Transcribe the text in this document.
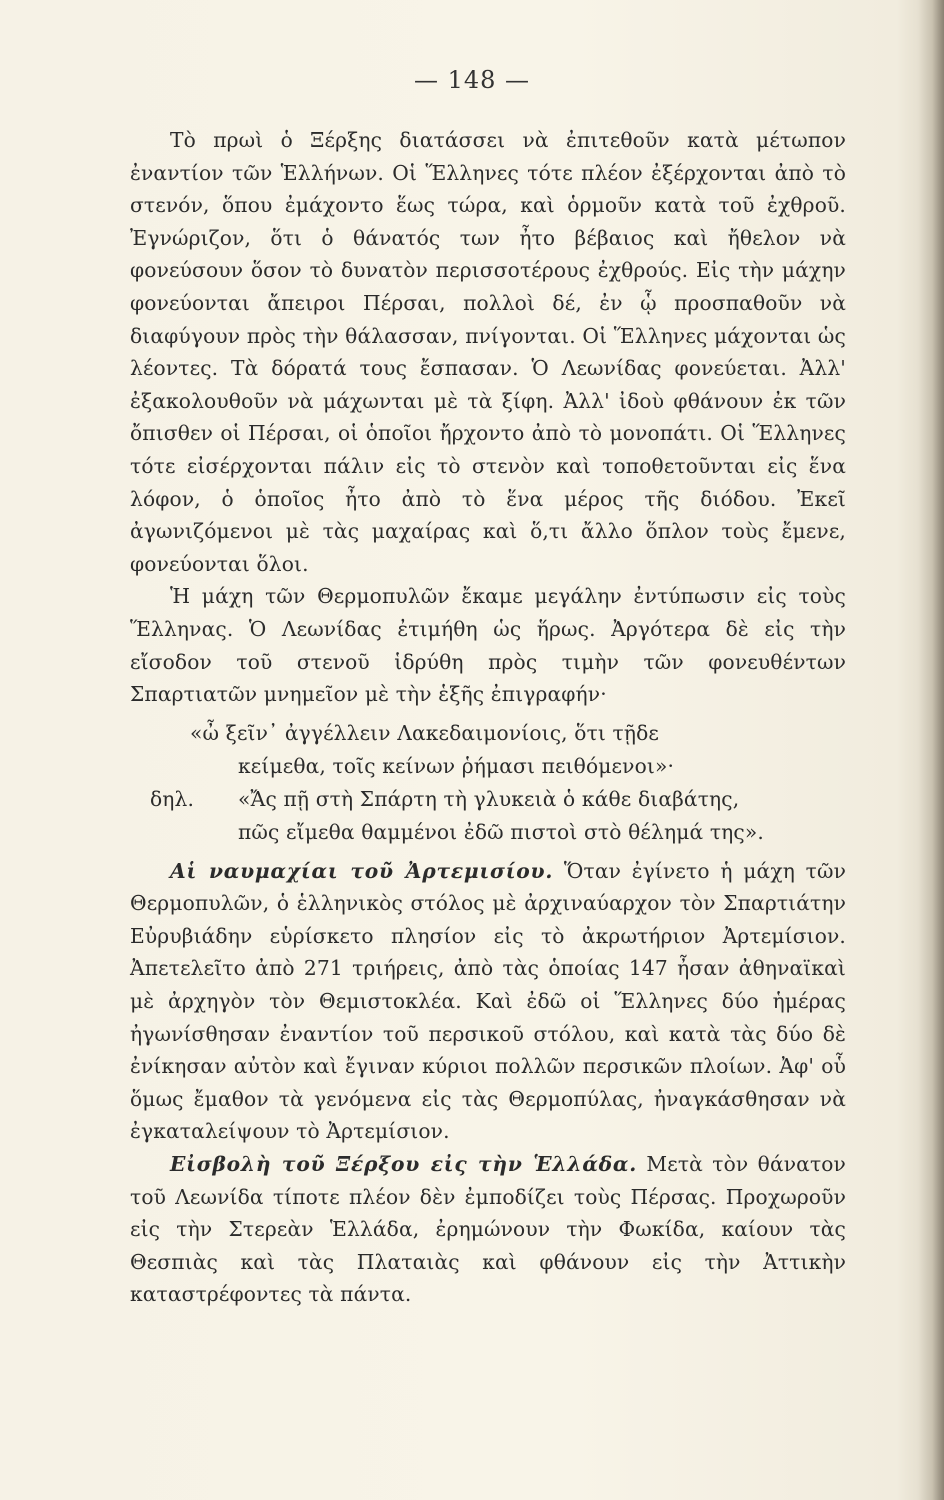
— 148 —

Τὸ πρωὶ ὁ Ξέρξης διατάσσει νὰ ἐπιτεθοῦν κατὰ μέτωπον ἐναντίον τῶν Ἑλλήνων. Οἱ Ἕλληνες τότε πλέον ἐξέρχονται ἀπὸ τὸ στενόν, ὅπου ἐμάχοντο ἕως τώρα, καὶ ὁρμοῦν κατὰ τοῦ ἐχθροῦ. Ἐγνώριζον, ὅτι ὁ θάνατός των ἦτο βέβαιος καὶ ἤθελον νὰ φονεύσουν ὅσον τὸ δυνατὸν περισσοτέρους ἐχθρούς. Εἰς τὴν μάχην φονεύονται ἄπειροι Πέρσαι, πολλοὶ δέ, ἐν ᾧ προσπαθοῦν νὰ διαφύγουν πρὸς τὴν θάλασσαν, πνίγονται. Οἱ Ἕλληνες μάχονται ὡς λέοντες. Τὰ δόρατά τους ἔσπασαν. Ὁ Λεωνίδας φονεύεται. Ἀλλ' ἐξακολουθοῦν νὰ μάχωνται μὲ τὰ ξίφη. Ἀλλ' ἰδοὺ φθάνουν ἐκ τῶν ὄπισθεν οἱ Πέρσαι, οἱ ὁποῖοι ἤρχοντο ἀπὸ τὸ μονοπάτι. Οἱ Ἕλληνες τότε εἰσέρχονται πάλιν εἰς τὸ στενὸν καὶ τοποθετοῦνται εἰς ἕνα λόφον, ὁ ὁποῖος ἦτο ἀπὸ τὸ ἕνα μέρος τῆς διόδου. Ἐκεῖ ἀγωνιζόμενοι μὲ τὰς μαχαίρας καὶ ὅ,τι ἄλλο ὅπλον τοὺς ἔμενε, φονεύονται ὅλοι.

Ἡ μάχη τῶν Θερμοπυλῶν ἔκαμε μεγάλην ἐντύπωσιν εἰς τοὺς Ἕλληνας. Ὁ Λεωνίδας ἐτιμήθη ὡς ἥρως. Ἀργότερα δὲ εἰς τὴν εἴσοδον τοῦ στενοῦ ἱδρύθη πρὸς τιμὴν τῶν φονευθέντων Σπαρτιατῶν μνημεῖον μὲ τὴν ἑξῆς ἐπιγραφήν·

«ὦ ξεῖν᾽ ἀγγέλλειν Λακεδαιμονίοις, ὅτι τῇδε
κείμεθα, τοῖς κείνων ῥήμασι πειθόμενοι»·
δηλ. «Ἄς πῇ στὴ Σπάρτη τὴ γλυκειὰ ὁ κάθε διαβάτης,
πῶς εἴμεθα θαμμένοι ἐδῶ πιστοὶ στὸ θέλημά της».

Αἱ ναυμαχίαι τοῦ Ἀρτεμισίου. Ὅταν ἐγίνετο ἡ μάχη τῶν Θερμοπυλῶν, ὁ ἑλληνικὸς στόλος μὲ ἀρχιναύαρχον τὸν Σπαρτιάτην Εὐρυβιάδην εὑρίσκετο πλησίον εἰς τὸ ἀκρωτήριον Ἀρτεμίσιον. Ἀπετελεῖτο ἀπὸ 271 τριήρεις, ἀπὸ τὰς ὁποίας 147 ἦσαν ἀθηναϊκαὶ μὲ ἀρχηγὸν τὸν Θεμιστοκλέα. Καὶ ἐδῶ οἱ Ἕλληνες δύο ἡμέρας ἠγωνίσθησαν ἐναντίον τοῦ περσικοῦ στόλου, καὶ κατὰ τὰς δύο δὲ ἐνίκησαν αὐτὸν καὶ ἔγιναν κύριοι πολλῶν περσικῶν πλοίων. Ἀφ' οὗ ὅμως ἔμαθον τὰ γενόμενα εἰς τὰς Θερμοπύλας, ἠναγκάσθησαν νὰ ἐγκαταλείψουν τὸ Ἀρτεμίσιον.

Εἰσβολὴ τοῦ Ξέρξου εἰς τὴν Ἑλλάδα. Μετὰ τὸν θάνατον τοῦ Λεωνίδα τίποτε πλέον δὲν ἐμποδίζει τοὺς Πέρσας. Προχωροῦν εἰς τὴν Στερεὰν Ἑλλάδα, ἐρημώνουν τὴν Φωκίδα, καίουν τὰς Θεσπιὰς καὶ τὰς Πλαταιὰς καὶ φθάνουν εἰς τὴν Ἀττικὴν καταστρέφοντες τὰ πάντα.
